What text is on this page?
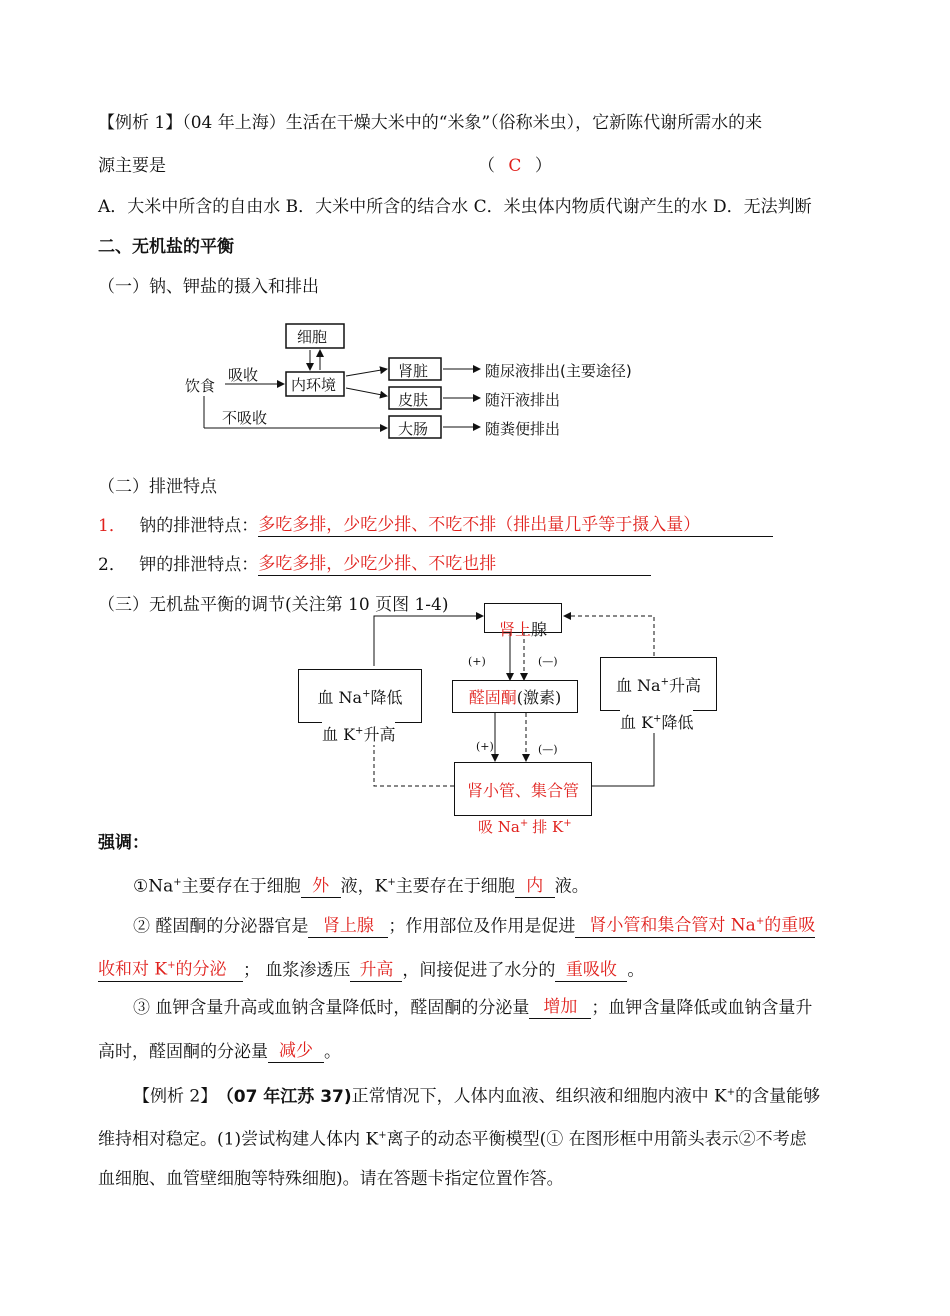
【例析 1】（04 年上海）生活在干燥大米中的“米象”（俗称米虫），它新陈代谢所需水的来
源主要是	（ C ）
A．大米中所含的自由水 B．大米中所含的结合水 C．米虫体内物质代谢产生的水 D．无法判断
二、无机盐的平衡
（一）钠、钾盐的摄入和排出
细胞
内环境
饮食
吸收
不吸收
肾脏
皮肤
大肠
随尿液排出(主要途径)
随汗液排出
随粪便排出
（二）排泄特点
1． 钠的排泄特点：多吃多排，少吃少排、不吃不排（排出量几乎等于摄入量）
2． 钾的排泄特点：多吃多排，少吃少排、不吃也排
（三）无机盐平衡的调节(关注第 10 页图 1-4)
肾上腺
(+)	(—)
醛固酮 (激素)
血 Na+降低
血 K+升高
血 Na+升高
血 K+降低
(+)	(—)
肾小管、集合管
吸 Na+ 排 K+
强调：
①Na+主要存在于细胞 外 液，K+主要存在于细胞 内 液。
② 醛固酮的分泌器官是 肾上腺 ；作用部位及作用是促进 肾小管和集合管对 Na+的重吸
收和对 K+的分泌 ； 血浆渗透压 升高 ，间接促进了水分的 重吸收 。
③ 血钾含量升高或血钠含量降低时，醛固酮的分泌量 增加 ；血钾含量降低或血钠含量升
高时，醛固酮的分泌量 减少 。
【例析 2】 （07 年江苏 37)正常情况下，人体内血液、组织液和细胞内液中 K+的含量能够
维持相对稳定。(1)尝试构建人体内 K+离子的动态平衡模型(① 在图形框中用箭头表示②不考虑
血细胞、血管壁细胞等特殊细胞)。请在答题卡指定位置作答。
